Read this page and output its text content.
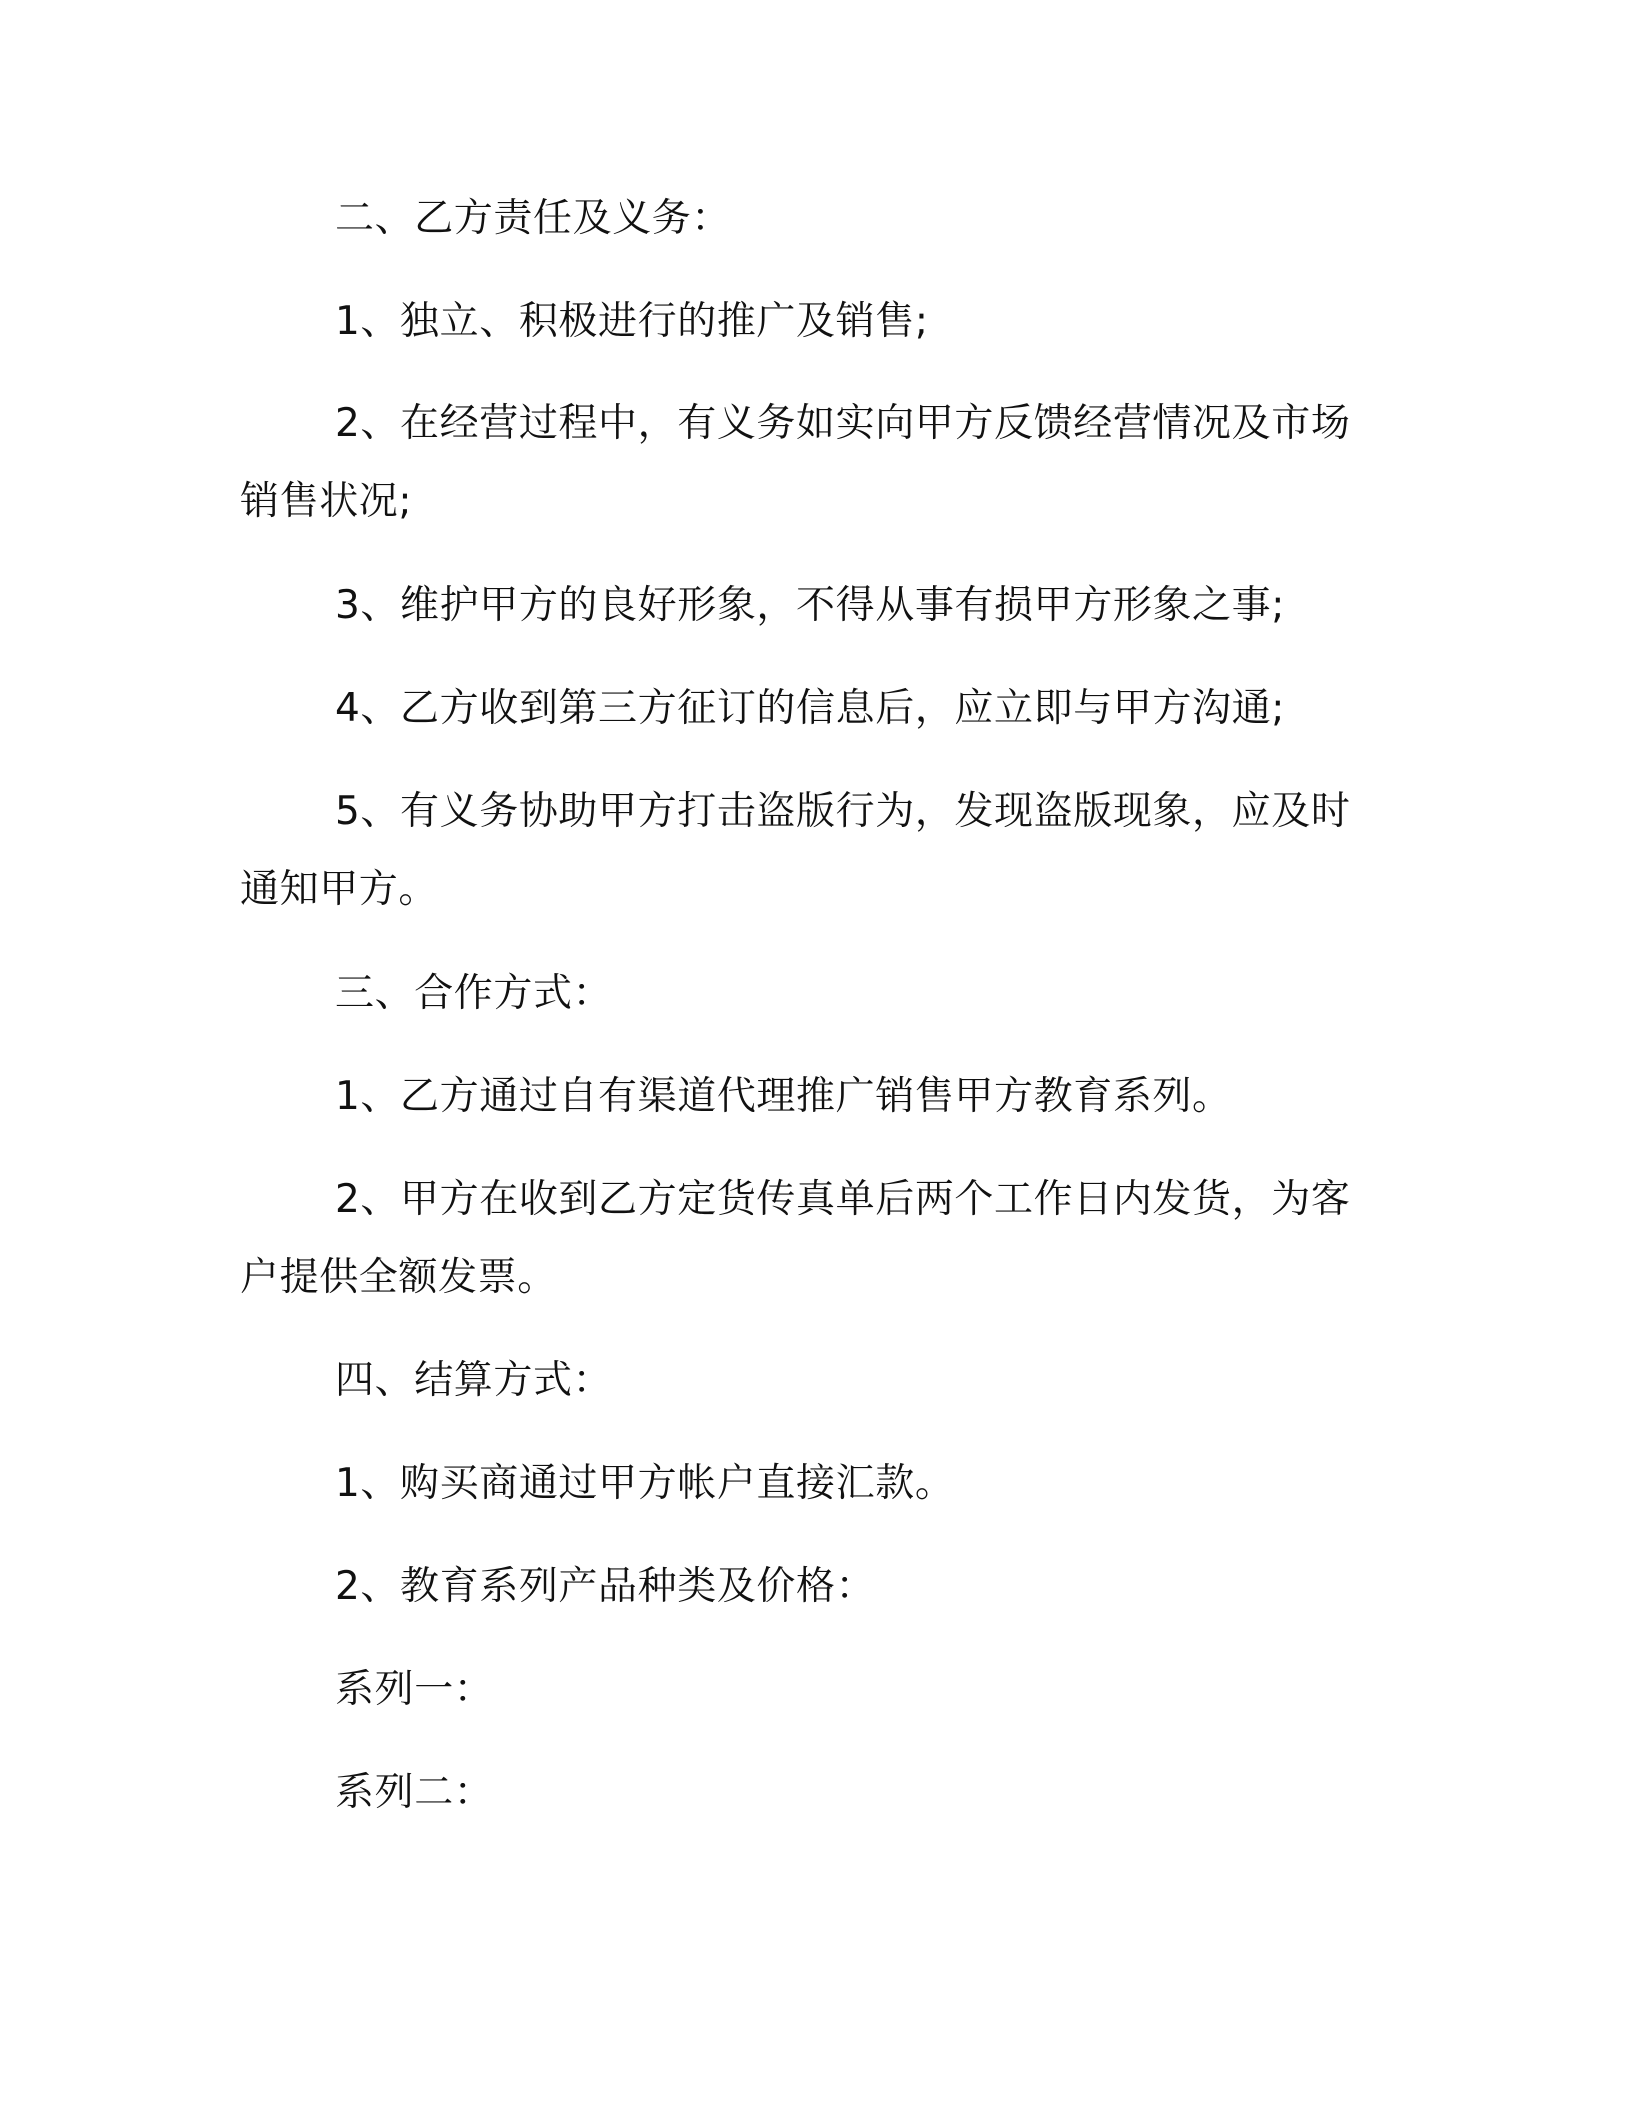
二、乙方责任及义务：

1、独立、积极进行的推广及销售;

2、在经营过程中，有义务如实向甲方反馈经营情况及市场销售状况;

3、维护甲方的良好形象，不得从事有损甲方形象之事;

4、乙方收到第三方征订的信息后，应立即与甲方沟通;

5、有义务协助甲方打击盗版行为，发现盗版现象，应及时通知甲方。

三、合作方式：

1、乙方通过自有渠道代理推广销售甲方教育系列。

2、甲方在收到乙方定货传真单后两个工作日内发货，为客户提供全额发票。

四、结算方式：

1、购买商通过甲方帐户直接汇款。

2、教育系列产品种类及价格：

系列一：

系列二：
